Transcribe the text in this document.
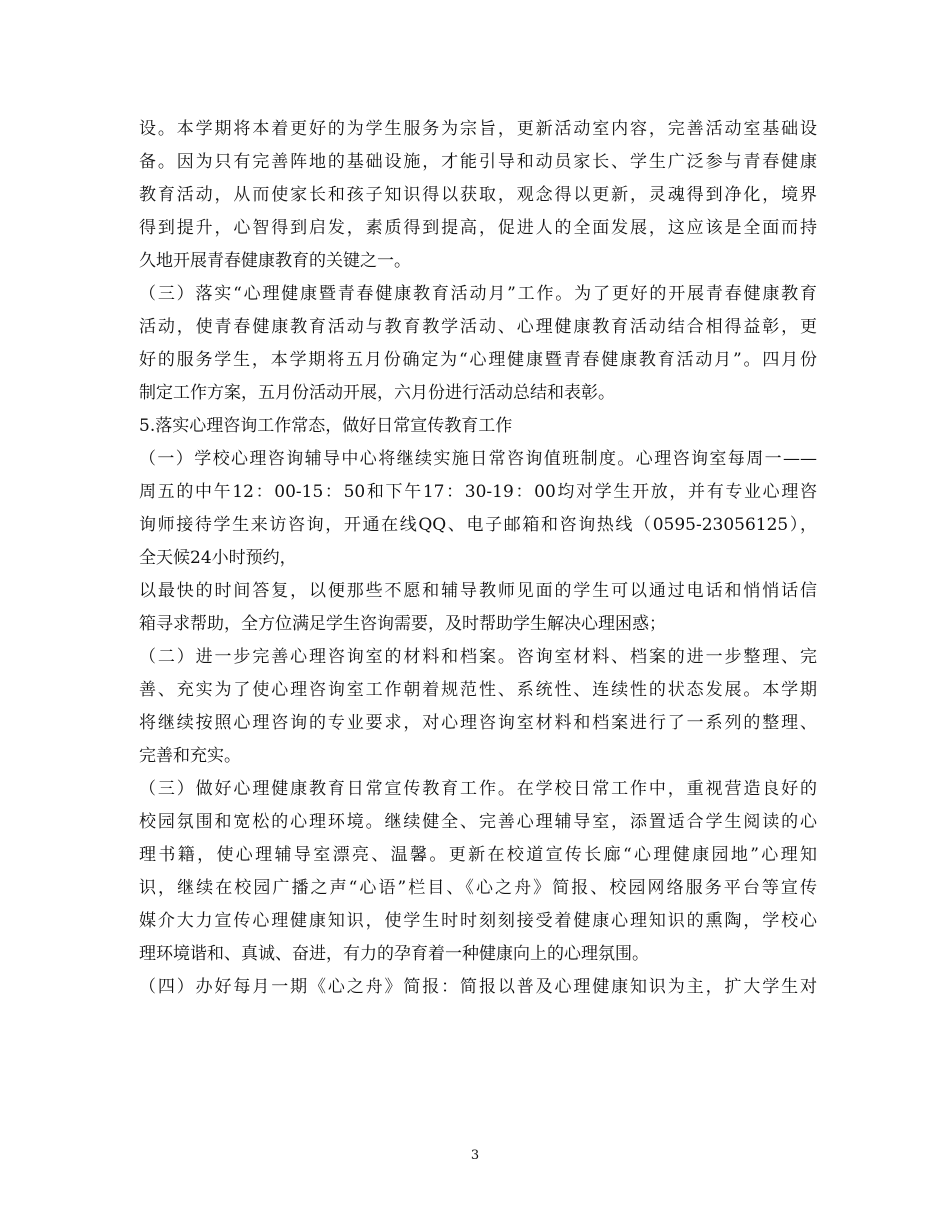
设。本学期将本着更好的为学生服务为宗旨，更新活动室内容，完善活动室基础设
备。因为只有完善阵地的基础设施，才能引导和动员家长、学生广泛参与青春健康
教育活动，从而使家长和孩子知识得以获取，观念得以更新，灵魂得到净化，境界
得到提升，心智得到启发，素质得到提高，促进人的全面发展，这应该是全面而持
久地开展青春健康教育的关键之一。
（三）落实“心理健康暨青春健康教育活动月”工作。为了更好的开展青春健康教育
活动，使青春健康教育活动与教育教学活动、心理健康教育活动结合相得益彰，更
好的服务学生，本学期将五月份确定为“心理健康暨青春健康教育活动月”。四月份
制定工作方案，五月份活动开展，六月份进行活动总结和表彰。
5.落实心理咨询工作常态，做好日常宣传教育工作
（一）学校心理咨询辅导中心将继续实施日常咨询值班制度。心理咨询室每周一——
周五的中午12：00-15：50和下午17：30-19：00均对学生开放，并有专业心理咨
询师接待学生来访咨询，开通在线QQ、电子邮箱和咨询热线（0595-23056125），
全天候24小时预约，
以最快的时间答复，以便那些不愿和辅导教师见面的学生可以通过电话和悄悄话信
箱寻求帮助，全方位满足学生咨询需要，及时帮助学生解决心理困惑；
（二）进一步完善心理咨询室的材料和档案。咨询室材料、档案的进一步整理、完
善、充实为了使心理咨询室工作朝着规范性、系统性、连续性的状态发展。本学期
将继续按照心理咨询的专业要求，对心理咨询室材料和档案进行了一系列的整理、
完善和充实。
（三）做好心理健康教育日常宣传教育工作。在学校日常工作中，重视营造良好的
校园氛围和宽松的心理环境。继续健全、完善心理辅导室，添置适合学生阅读的心
理书籍，使心理辅导室漂亮、温馨。更新在校道宣传长廊“心理健康园地”心理知
识，继续在校园广播之声“心语”栏目、《心之舟》简报、校园网络服务平台等宣传
媒介大力宣传心理健康知识，使学生时时刻刻接受着健康心理知识的熏陶，学校心
理环境谐和、真诚、奋进，有力的孕育着一种健康向上的心理氛围。
（四）办好每月一期《心之舟》简报：简报以普及心理健康知识为主，扩大学生对
3
